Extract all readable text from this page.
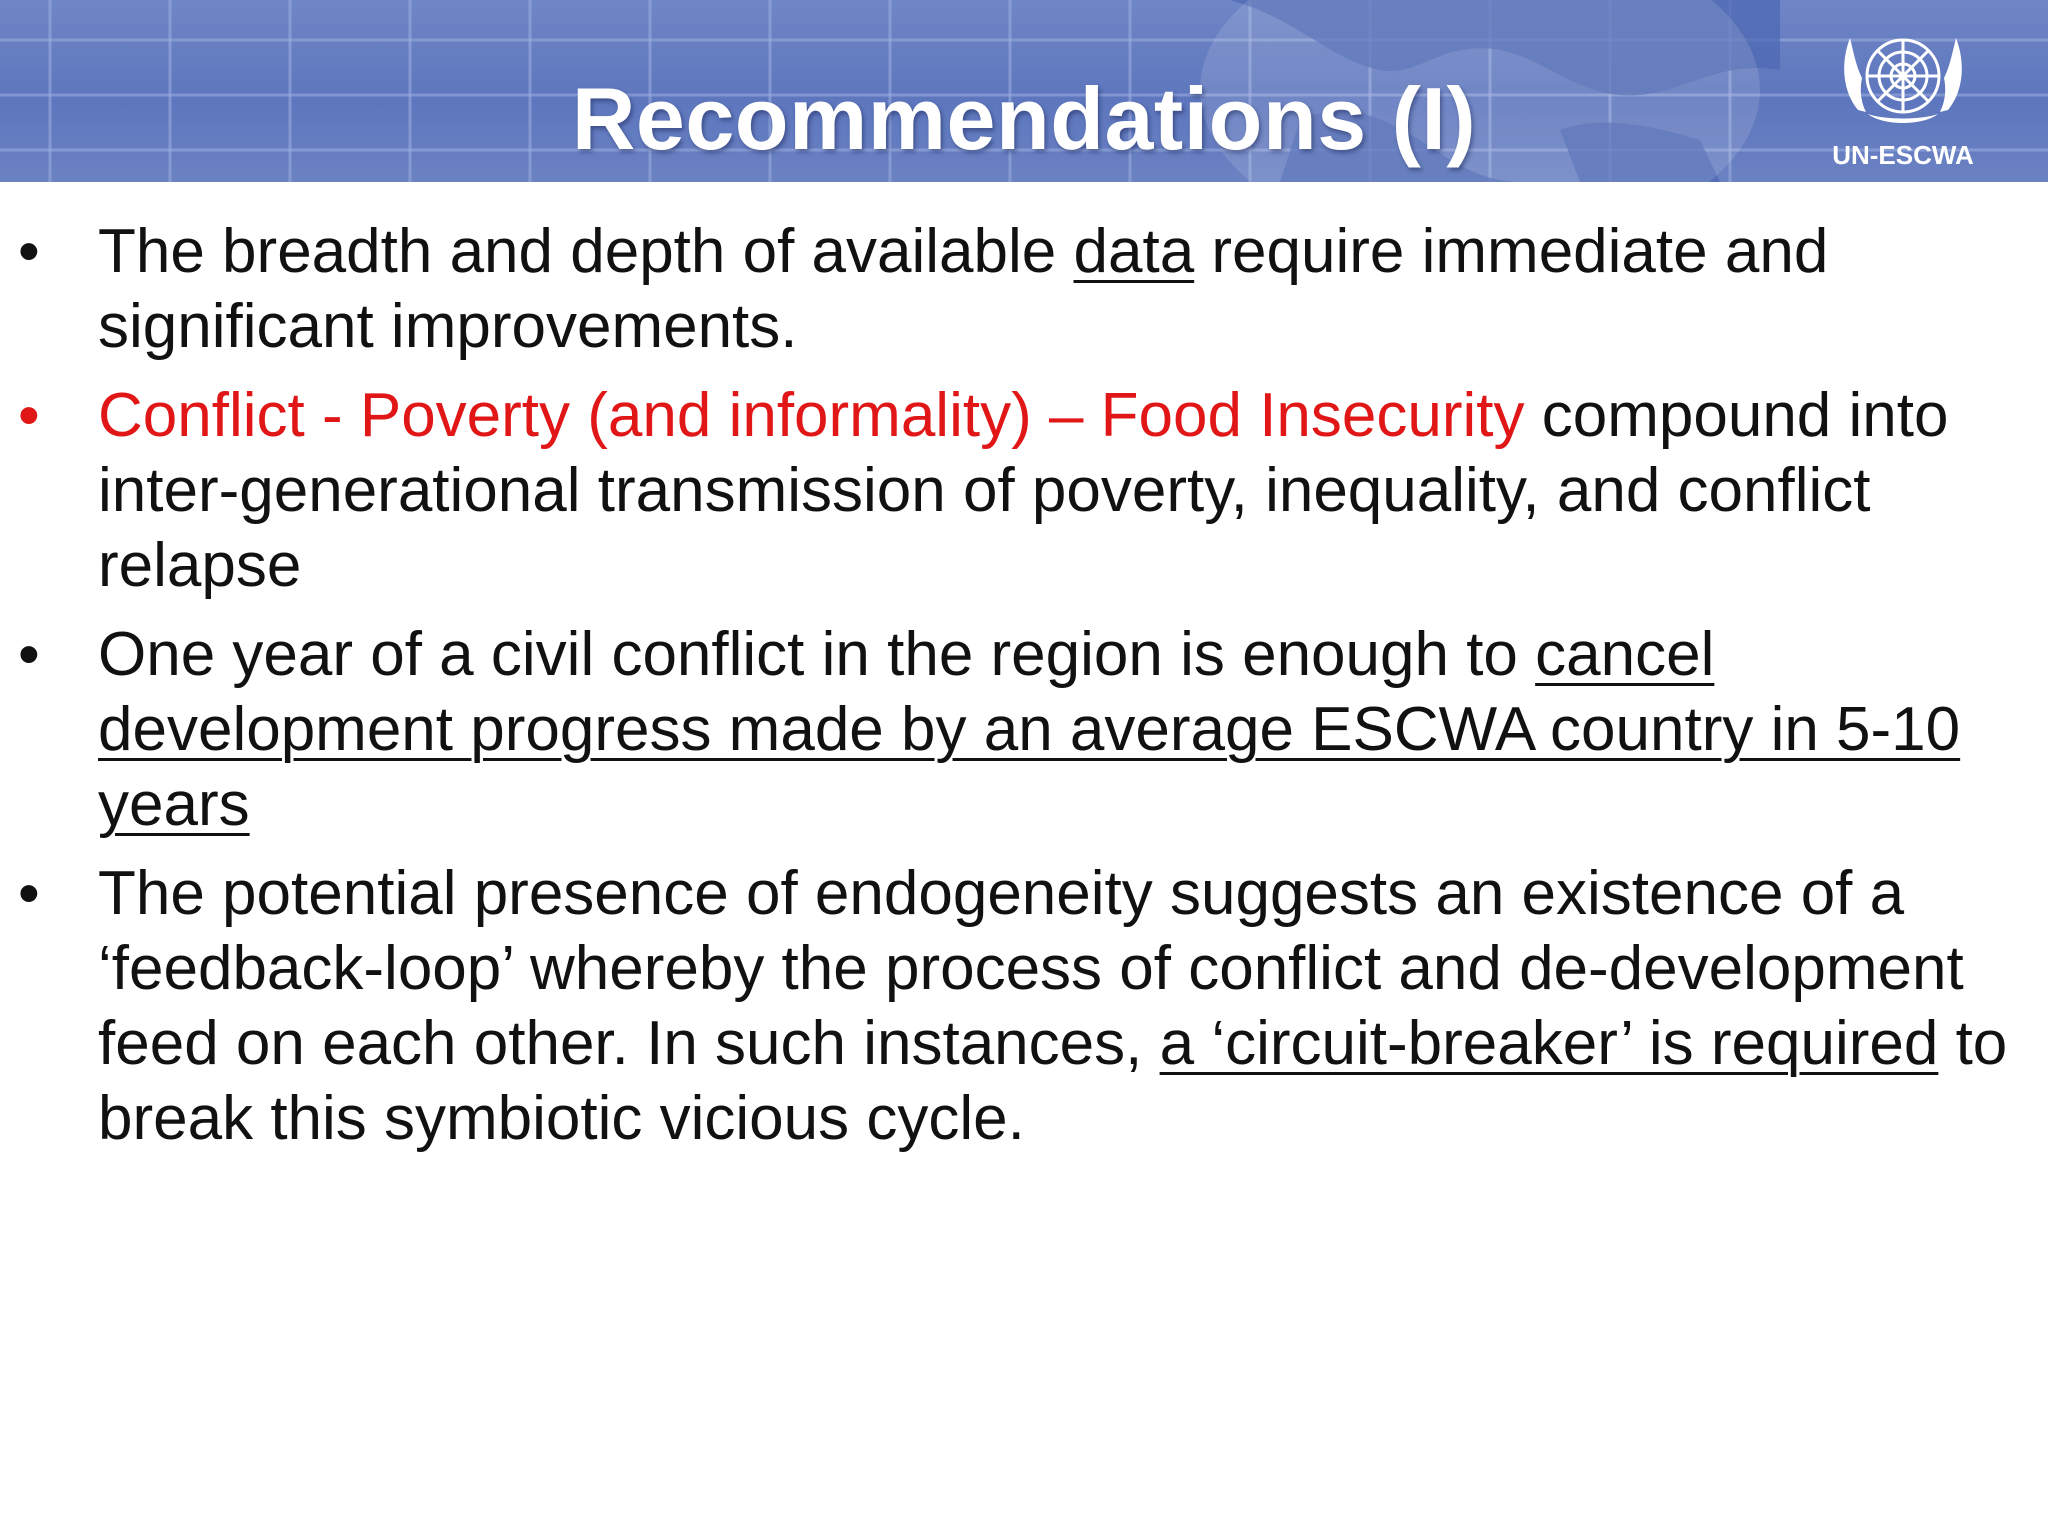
Recommendations (I)	UN-ESCWA
• The breadth and depth of available data require immediate and significant improvements.
• Conflict - Poverty (and informality) – Food Insecurity compound into inter-generational transmission of poverty, inequality, and conflict relapse
• One year of a civil conflict in the region is enough to cancel development progress made by an average ESCWA country in 5-10 years
• The potential presence of endogeneity suggests an existence of a ‘feedback-loop’ whereby the process of conflict and de-development feed on each other. In such instances, a ‘circuit-breaker’ is required to break this symbiotic vicious cycle.
